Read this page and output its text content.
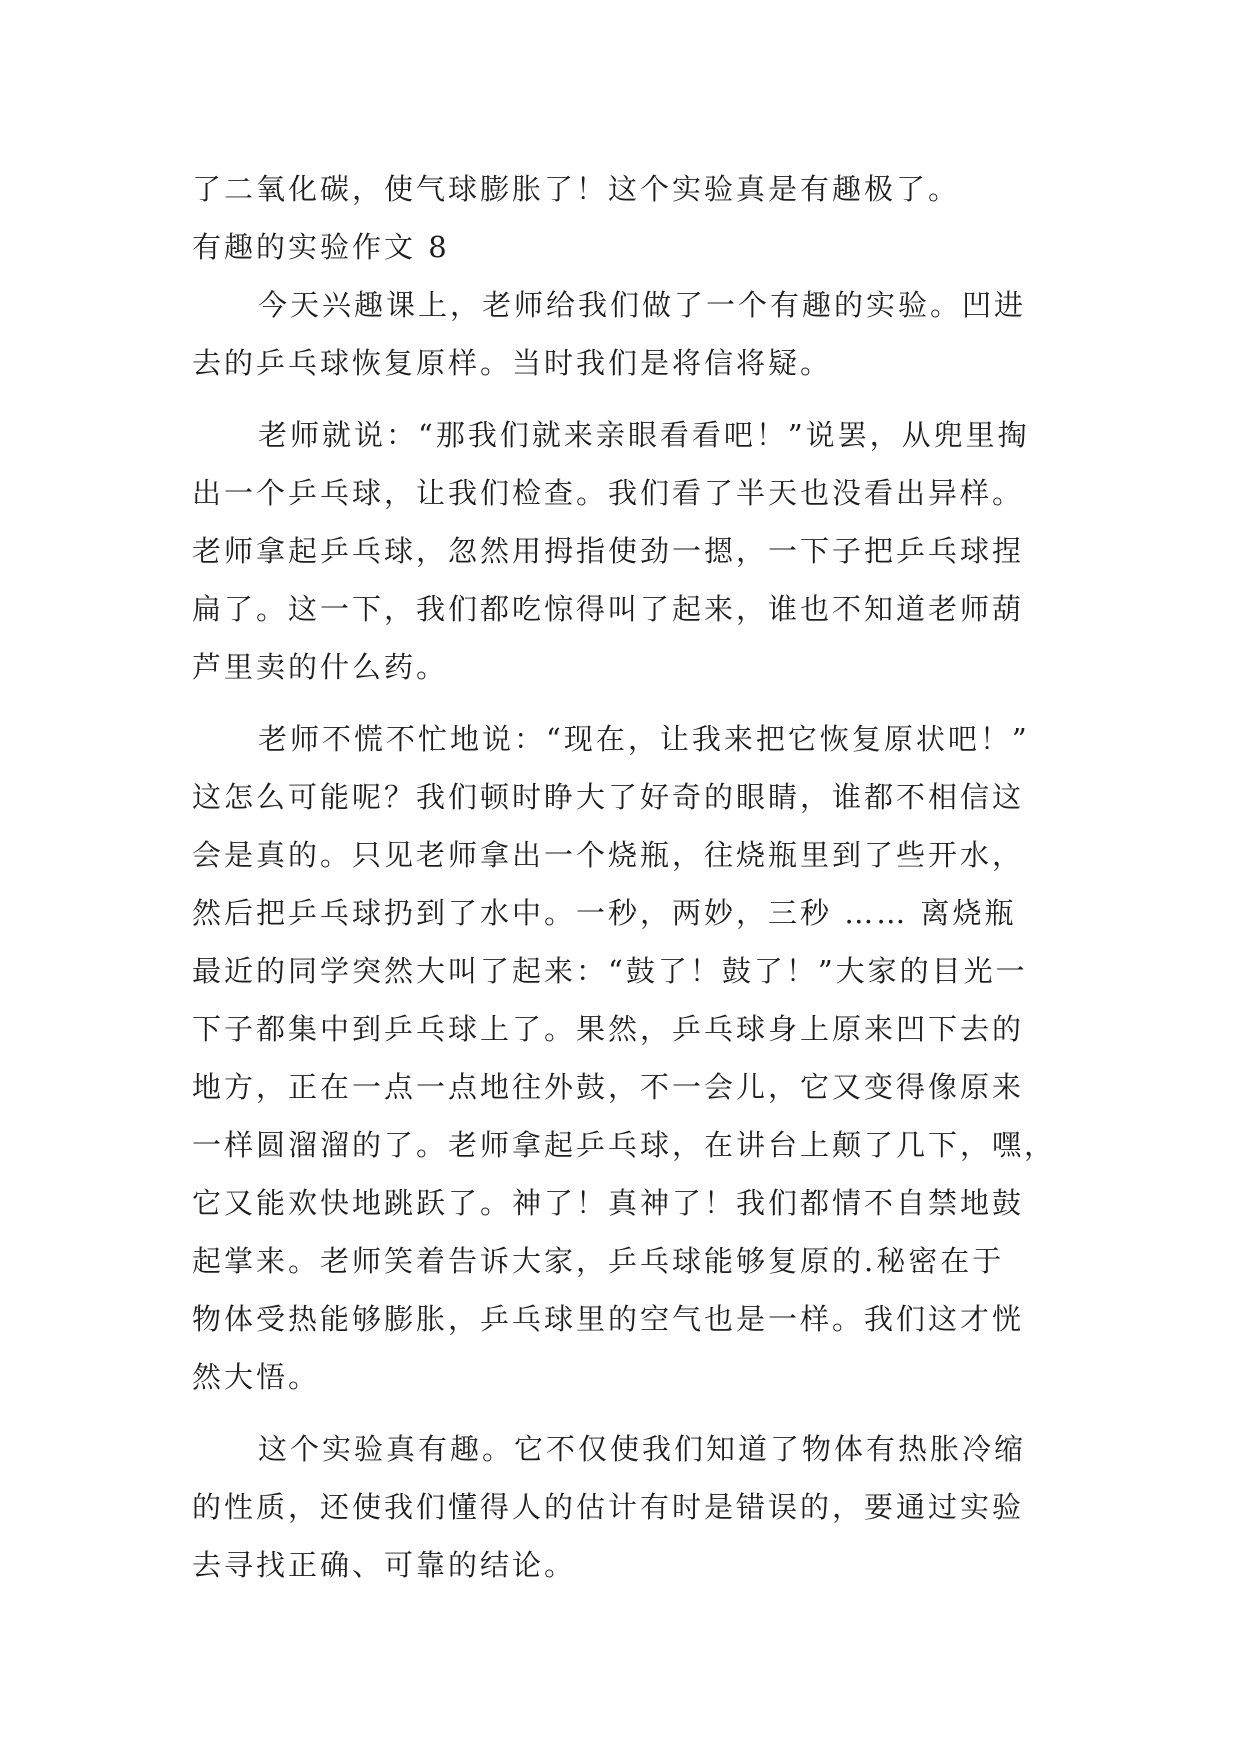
了二氧化碳，使气球膨胀了！这个实验真是有趣极了。
有趣的实验作文 8
今天兴趣课上，老师给我们做了一个有趣的实验。凹进
去的乒乓球恢复原样。当时我们是将信将疑。
老师就说：“那我们就来亲眼看看吧！”说罢，从兜里掏
出一个乒乓球，让我们检查。我们看了半天也没看出异样。
老师拿起乒乓球，忽然用拇指使劲一摁，一下子把乒乓球捏
扁了。这一下，我们都吃惊得叫了起来，谁也不知道老师葫
芦里卖的什么药。
老师不慌不忙地说：“现在，让我来把它恢复原状吧！”
这怎么可能呢？我们顿时睁大了好奇的眼睛，谁都不相信这
会是真的。只见老师拿出一个烧瓶，往烧瓶里到了些开水，
然后把乒乓球扔到了水中。一秒，两妙，三秒 …… 离烧瓶
最近的同学突然大叫了起来：“鼓了！鼓了！”大家的目光一
下子都集中到乒乓球上了。果然，乒乓球身上原来凹下去的
地方，正在一点一点地往外鼓，不一会儿，它又变得像原来
一样圆溜溜的了。老师拿起乒乓球，在讲台上颠了几下，嘿，
它又能欢快地跳跃了。神了！真神了！我们都情不自禁地鼓
起掌来。老师笑着告诉大家，乒乓球能够复原的.秘密在于
物体受热能够膨胀，乒乓球里的空气也是一样。我们这才恍
然大悟。
这个实验真有趣。它不仅使我们知道了物体有热胀冷缩
的性质，还使我们懂得人的估计有时是错误的，要通过实验
去寻找正确、可靠的结论。
